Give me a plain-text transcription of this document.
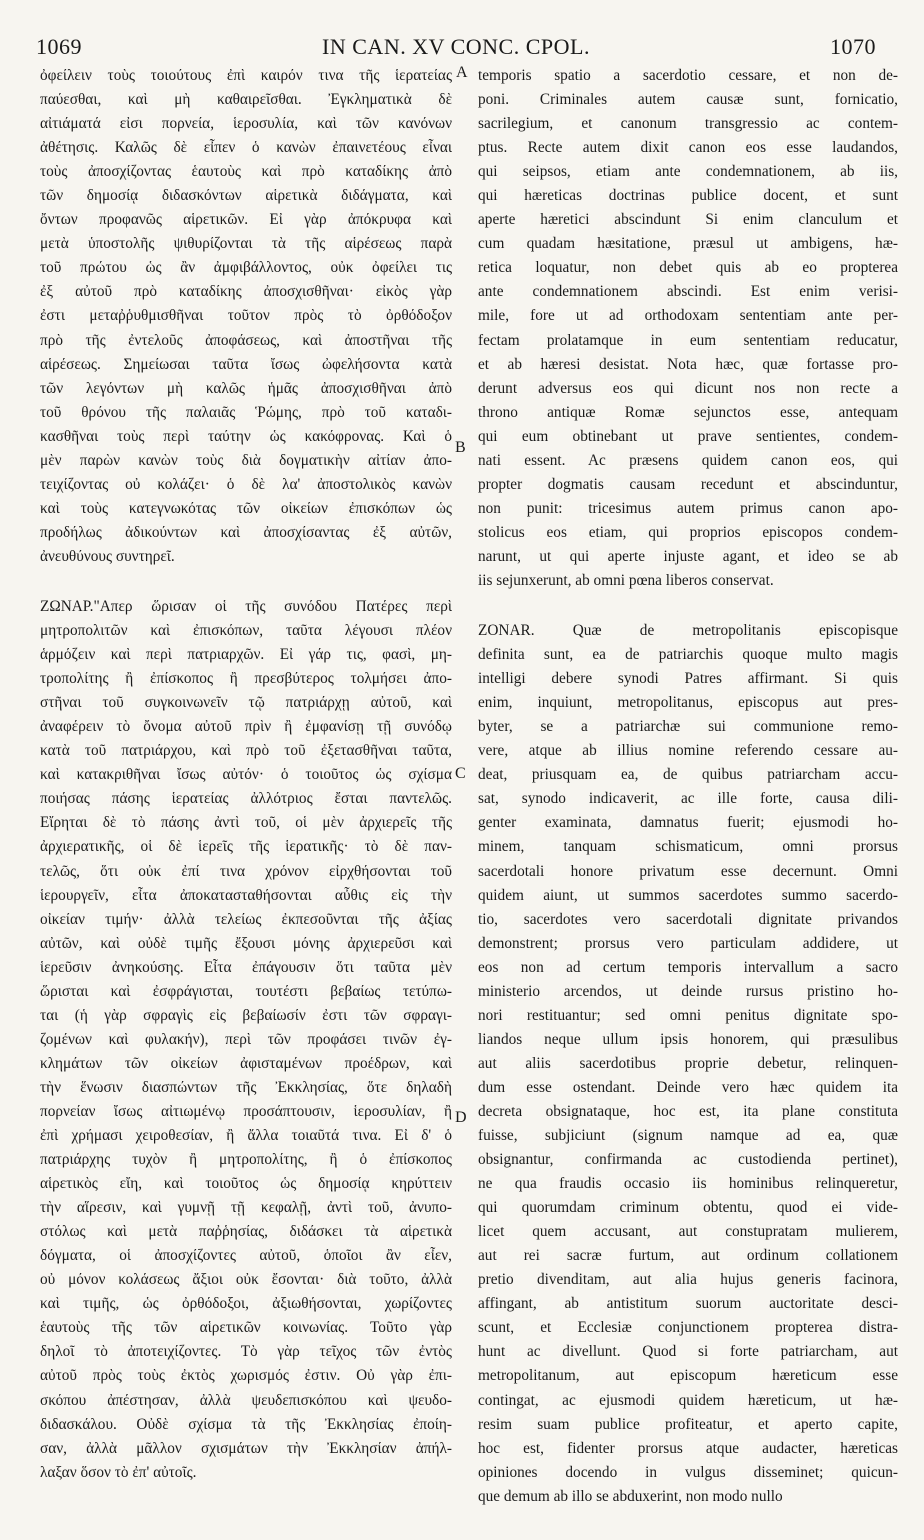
1069	IN CAN. XV CONC. CPOL.	1070
A
B
C
D
ὀφείλειν τοὺς τοιούτους ἐπὶ καιρόν τινα τῆς ἱερατείας
παύεσθαι, καὶ μὴ καθαιρεῖσθαι. Ἐγκληματικὰ δὲ
αἰτιάματά εἰσι πορνεία, ἱεροσυλία, καὶ τῶν κανόνων
ἀθέτησις. Καλῶς δὲ εἶπεν ὁ κανὼν ἐπαινετέους εἶναι
τοὺς ἀποσχίζοντας ἑαυτοὺς καὶ πρὸ καταδίκης ἀπὸ
τῶν δημοσίᾳ διδασκόντων αἱρετικὰ διδάγματα, καὶ
ὄντων προφανῶς αἱρετικῶν. Εἰ γὰρ ἀπόκρυφα καὶ
μετὰ ὑποστολῆς ψιθυρίζονται τὰ τῆς αἱρέσεως παρὰ
τοῦ πρώτου ὡς ἂν ἀμφιβάλλοντος, οὐκ ὀφείλει τις
ἐξ αὐτοῦ πρὸ καταδίκης ἀποσχισθῆναι· εἰκὸς γὰρ
ἐστι μεταῤῥυθμισθῆναι τοῦτον πρὸς τὸ ὀρθόδοξον
πρὸ τῆς ἐντελοῦς ἀποφάσεως, καὶ ἀποστῆναι τῆς
αἱρέσεως. Σημείωσαι ταῦτα ἴσως ὠφελήσοντα κατὰ
τῶν λεγόντων μὴ καλῶς ἡμᾶς ἀποσχισθῆναι ἀπὸ
τοῦ θρόνου τῆς παλαιᾶς Ῥώμης, πρὸ τοῦ καταδι-
κασθῆναι τοὺς περὶ ταύτην ὡς κακόφρονας. Καὶ ὁ
μὲν παρὼν κανὼν τοὺς διὰ δογματικὴν αἰτίαν ἀπο-
τειχίζοντας οὐ κολάζει· ὁ δὲ λα' ἀποστολικὸς κανὼν
καὶ τοὺς κατεγνωκότας τῶν οἰκείων ἐπισκόπων ὡς
προδήλως ἀδικούντων καὶ ἀποσχίσαντας ἐξ αὐτῶν,
ἀνευθύνους συντηρεῖ.
ΖΩΝΑΡ."Απερ ὥρισαν οἱ τῆς συνόδου Πατέρες περὶ
μητροπολιτῶν καὶ ἐπισκόπων, ταῦτα λέγουσι πλέον
ἁρμόζειν καὶ περὶ πατριαρχῶν. Εἰ γάρ τις, φασὶ, μη-
τροπολίτης ἢ ἐπίσκοπος ἢ πρεσβύτερος τολμήσει ἀπο-
στῆναι τοῦ συγκοινωνεῖν τῷ πατριάρχῃ αὐτοῦ, καὶ
ἀναφέρειν τὸ ὄνομα αὐτοῦ πρὶν ἢ ἐμφανίσῃ τῇ συνόδῳ
κατὰ τοῦ πατριάρχου, καὶ πρὸ τοῦ ἐξετασθῆναι ταῦτα,
καὶ κατακριθῆναι ἴσως αὐτόν· ὁ τοιοῦτος ὡς σχίσμα
ποιήσας πάσης ἱερατείας ἀλλότριος ἔσται παντελῶς.
Εἴρηται δὲ τὸ πάσης ἀντὶ τοῦ, οἱ μὲν ἀρχιερεῖς τῆς
ἀρχιερατικῆς, οἱ δὲ ἱερεῖς τῆς ἱερατικῆς· τὸ δὲ παν-
τελῶς, ὅτι οὐκ ἐπί τινα χρόνον εἰρχθήσονται τοῦ
ἱερουργεῖν, εἶτα ἀποκατασταθήσονται αὖθις εἰς τὴν
οἰκείαν τιμήν· ἀλλὰ τελείως ἐκπεσοῦνται τῆς ἀξίας
αὐτῶν, καὶ οὐδὲ τιμῆς ἔξουσι μόνης ἀρχιερεῦσι καὶ
ἱερεῦσιν ἀνηκούσης. Εἶτα ἐπάγουσιν ὅτι ταῦτα μὲν
ὥρισται καὶ ἐσφράγισται, τουτέστι βεβαίως τετύπω-
ται (ἡ γὰρ σφραγὶς εἰς βεβαίωσίν ἐστι τῶν σφραγι-
ζομένων καὶ φυλακήν), περὶ τῶν προφάσει τινῶν ἐγ-
κλημάτων τῶν οἰκείων ἀφισταμένων προέδρων, καὶ
τὴν ἕνωσιν διασπώντων τῆς Ἐκκλησίας, ὅτε δηλαδὴ
πορνείαν ἴσως αἰτιωμένῳ προσάπτουσιν, ἱεροσυλίαν, ἢ
ἐπὶ χρήμασι χειροθεσίαν, ἢ ἄλλα τοιαῦτά τινα. Εἰ δ' ὁ
πατριάρχης τυχὸν ἢ μητροπολίτης, ἢ ὁ ἐπίσκοπος
αἱρετικὸς εἴη, καὶ τοιοῦτος ὡς δημοσίᾳ κηρύττειν
τὴν αἵρεσιν, καὶ γυμνῇ τῇ κεφαλῇ, ἀντὶ τοῦ, ἀνυπο-
στόλως καὶ μετὰ παῤῥησίας, διδάσκει τὰ αἱρετικὰ
δόγματα, οἱ ἀποσχίζοντες αὐτοῦ, ὁποῖοι ἂν εἶεν,
οὐ μόνον κολάσεως ἄξιοι οὐκ ἔσονται· διὰ τοῦτο, ἀλλὰ
καὶ τιμῆς, ὡς ὀρθόδοξοι, ἀξιωθήσονται, χωρίζοντες
ἑαυτοὺς τῆς τῶν αἱρετικῶν κοινωνίας. Τοῦτο γὰρ
δηλοῖ τὸ ἀποτειχίζοντες. Τὸ γὰρ τεῖχος τῶν ἐντὸς
αὐτοῦ πρὸς τοὺς ἐκτὸς χωρισμός ἐστιν. Οὐ γὰρ ἐπι-
σκόπου ἀπέστησαν, ἀλλὰ ψευδεπισκόπου καὶ ψευδο-
διδασκάλου. Οὐδὲ σχίσμα τὰ τῆς Ἐκκλησίας ἐποίη-
σαν, ἀλλὰ μᾶλλον σχισμάτων τὴν Ἐκκλησίαν ἀπήλ-
λαξαν ὅσον τὸ ἐπ' αὐτοῖς.
temporis spatio a sacerdotio cessare, et non de-
poni. Criminales autem causæ sunt, fornicatio,
sacrilegium, et canonum transgressio ac contem-
ptus. Recte autem dixit canon eos esse laudandos,
qui seipsos, etiam ante condemnationem, ab iis,
qui hæreticas doctrinas publice docent, et sunt
aperte hæretici abscindunt Si enim clanculum et
cum quadam hæsitatione, præsul ut ambigens, hæ-
retica loquatur, non debet quis ab eo propterea
ante condemnationem abscindi. Est enim verisi-
mile, fore ut ad orthodoxam sententiam ante per-
fectam prolatamque in eum sententiam reducatur,
et ab hæresi desistat. Nota hæc, quæ fortasse pro-
derunt adversus eos qui dicunt nos non recte a
throno antiquæ Romæ sejunctos esse, antequam
qui eum obtinebant ut prave sentientes, condem-
nati essent. Ac præsens quidem canon eos, qui
propter dogmatis causam recedunt et abscinduntur,
non punit: tricesimus autem primus canon apo-
stolicus eos etiam, qui proprios episcopos condem-
narunt, ut qui aperte injuste agant, et ideo se ab
iis sejunxerunt, ab omni pœna liberos conservat.
ZONAR. Quæ de metropolitanis episcopisque
definita sunt, ea de patriarchis quoque multo magis
intelligi debere synodi Patres affirmant. Si quis
enim, inquiunt, metropolitanus, episcopus aut pres-
byter, se a patriarchæ sui communione remo-
vere, atque ab illius nomine referendo cessare au-
deat, priusquam ea, de quibus patriarcham accu-
sat, synodo indicaverit, ac ille forte, causa dili-
genter examinata, damnatus fuerit; ejusmodi ho-
minem, tanquam schismaticum, omni prorsus
sacerdotali honore privatum esse decernunt. Omni
quidem aiunt, ut summos sacerdotes summo sacerdo-
tio, sacerdotes vero sacerdotali dignitate privandos
demonstrent; prorsus vero particulam addidere, ut
eos non ad certum temporis intervallum a sacro
ministerio arcendos, ut deinde rursus pristino ho-
nori restituantur; sed omni penitus dignitate spo-
liandos neque ullum ipsis honorem, qui præsulibus
aut aliis sacerdotibus proprie debetur, relinquen-
dum esse ostendant. Deinde vero hæc quidem ita
decreta obsignataque, hoc est, ita plane constituta
fuisse, subjiciunt (signum namque ad ea, quæ
obsignantur, confirmanda ac custodienda pertinet),
ne qua fraudis occasio iis hominibus relinqueretur,
qui quorumdam criminum obtentu, quod ei vide-
licet quem accusant, aut constupratam mulierem,
aut rei sacræ furtum, aut ordinum collationem
pretio divenditam, aut alia hujus generis facinora,
affingant, ab antistitum suorum auctoritate desci-
scunt, et Ecclesiæ conjunctionem propterea distra-
hunt ac divellunt. Quod si forte patriarcham, aut
metropolitanum, aut episcopum hæreticum esse
contingat, ac ejusmodi quidem hæreticum, ut hæ-
resim suam publice profiteatur, et aperto capite,
hoc est, fidenter prorsus atque audacter, hæreticas
opiniones docendo in vulgus disseminet; quicun-
que demum ab illo se abduxerint, non modo nullo
